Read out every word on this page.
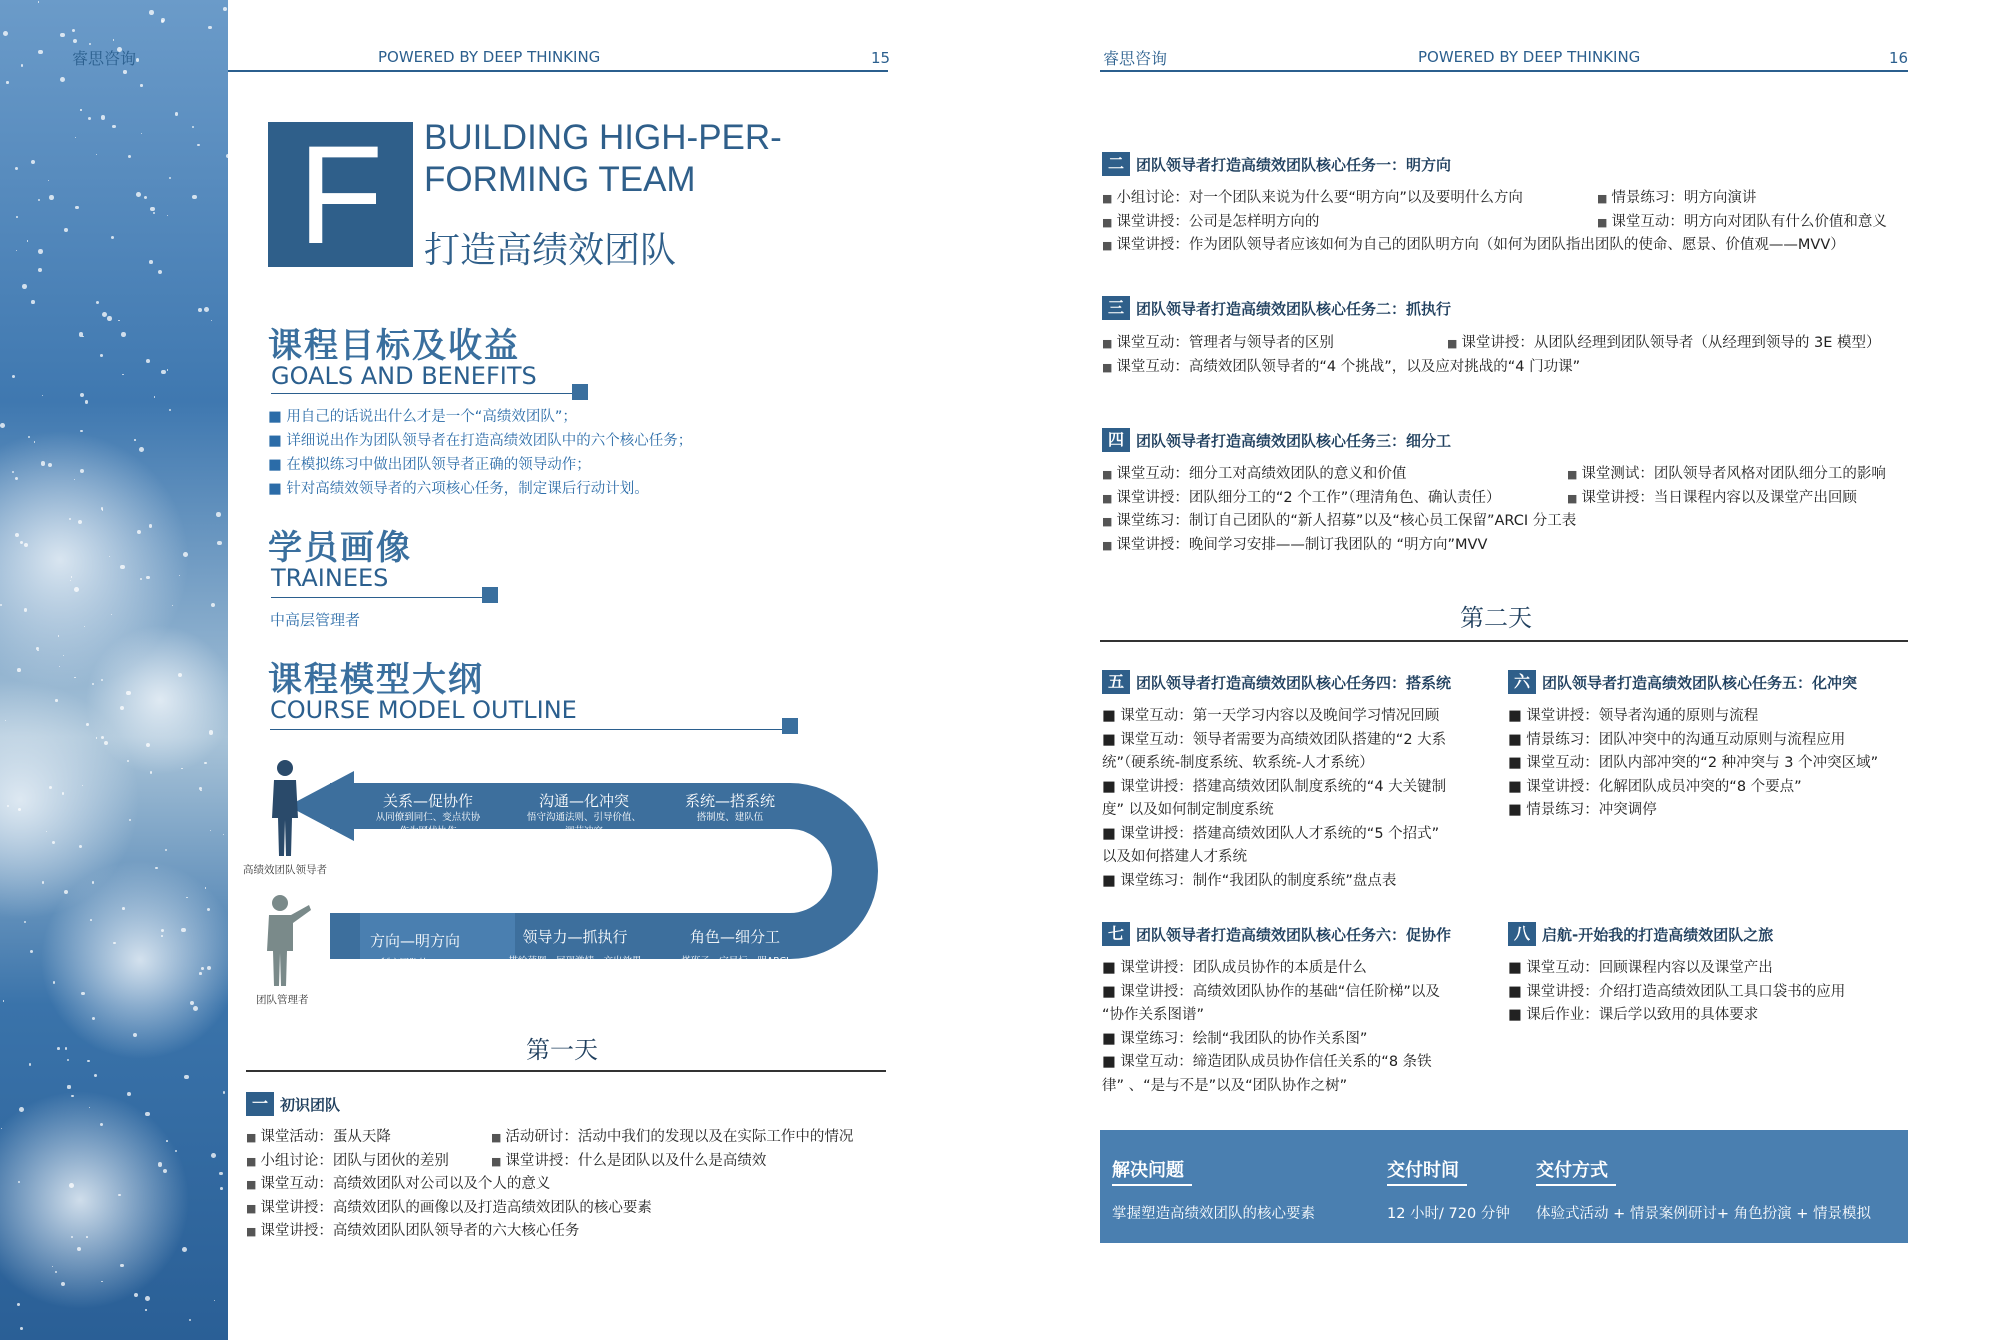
睿思咨询	POWERED BY DEEP THINKING	15	睿思咨询	POWERED BY DEEP THINKING	16
F	BUILDING HIGH-PER-
FORMING TEAM
打造高绩效团队
课程目标及收益
GOALS AND BENEFITS
■ 用自己的话说出什么才是一个“高绩效团队”；
■ 详细说出作为团队领导者在打造高绩效团队中的六个核心任务；
■ 在模拟练习中做出团队领导者正确的领导动作；
■ 针对高绩效领导者的六项核心任务，制定课后行动计划。
学员画像
TRAINEES
中高层管理者
课程模型大纲
COURSE MODEL OUTLINE
高绩效团队领导者
团队管理者
关系—促协作
从同僚到同仁、变点状协
作为网状协作
沟通—化冲突
悟守沟通法则、引导价值、
调节冲突
系统—搭系统
搭制度、建队伍
方向—明方向
制定团队的MVV
领导力—抓执行
描绘蓝图、展现激情、交出效果
角色—细分工
搭班子、定目标、明ARCI
第一天
一 初识团队
■ 课堂活动：蛋从天降	■ 活动研讨：活动中我们的发现以及在实际工作中的情况
■ 小组讨论：团队与团伙的差别	■ 课堂讲授：什么是团队以及什么是高绩效
■ 课堂互动：高绩效团队对公司以及个人的意义
■ 课堂讲授：高绩效团队的画像以及打造高绩效团队的核心要素
■ 课堂讲授：高绩效团队团队领导者的六大核心任务
二 团队领导者打造高绩效团队核心任务一：明方向
■ 小组讨论：对一个团队来说为什么要“明方向”以及要明什么方向	■ 情景练习：明方向演讲
■ 课堂讲授：公司是怎样明方向的	■ 课堂互动：明方向对团队有什么价值和意义
■ 课堂讲授：作为团队领导者应该如何为自己的团队明方向（如何为团队指出团队的使命、愿景、价值观——MVV）
三 团队领导者打造高绩效团队核心任务二：抓执行
■ 课堂互动：管理者与领导者的区别	■ 课堂讲授：从团队经理到团队领导者（从经理到领导的 3E 模型）
■ 课堂互动：高绩效团队领导者的“4 个挑战”，以及应对挑战的“4 门功课”
四 团队领导者打造高绩效团队核心任务三：细分工
■ 课堂互动：细分工对高绩效团队的意义和价值	■ 课堂测试：团队领导者风格对团队细分工的影响
■ 课堂讲授：团队细分工的“2 个工作”（理清角色、确认责任）	■ 课堂讲授：当日课程内容以及课堂产出回顾
■ 课堂练习：制订自己团队的“新人招募”以及“核心员工保留”ARCI 分工表
■ 课堂讲授：晚间学习安排——制订我团队的 “明方向”MVV
第二天
五 团队领导者打造高绩效团队核心任务四：搭系统
■ 课堂互动：第一天学习内容以及晚间学习情况回顾
■ 课堂互动：领导者需要为高绩效团队搭建的“2 大系
统”（硬系统-制度系统、软系统-人才系统）
■ 课堂讲授：搭建高绩效团队制度系统的“4 大关键制
度” 以及如何制定制度系统
■ 课堂讲授：搭建高绩效团队人才系统的“5 个招式”
以及如何搭建人才系统
■ 课堂练习：制作“我团队的制度系统”盘点表
六 团队领导者打造高绩效团队核心任务五：化冲突
■ 课堂讲授：领导者沟通的原则与流程
■ 情景练习：团队冲突中的沟通互动原则与流程应用
■ 课堂互动：团队内部冲突的“2 种冲突与 3 个冲突区域”
■ 课堂讲授：化解团队成员冲突的“8 个要点”
■ 情景练习：冲突调停
七 团队领导者打造高绩效团队核心任务六：促协作
■ 课堂讲授：团队成员协作的本质是什么
■ 课堂讲授：高绩效团队协作的基础“信任阶梯”以及
“协作关系图谱”
■ 课堂练习：绘制“我团队的协作关系图”
■ 课堂互动：缔造团队成员协作信任关系的“8 条铁
律” 、“是与不是”以及“团队协作之树”
八 启航-开始我的打造高绩效团队之旅
■ 课堂互动：回顾课程内容以及课堂产出
■ 课堂讲授：介绍打造高绩效团队工具口袋书的应用
■ 课后作业：课后学以致用的具体要求
解决问题
掌握塑造高绩效团队的核心要素
交付时间
12 小时/ 720 分钟
交付方式
体验式活动 + 情景案例研讨+ 角色扮演 + 情景模拟
